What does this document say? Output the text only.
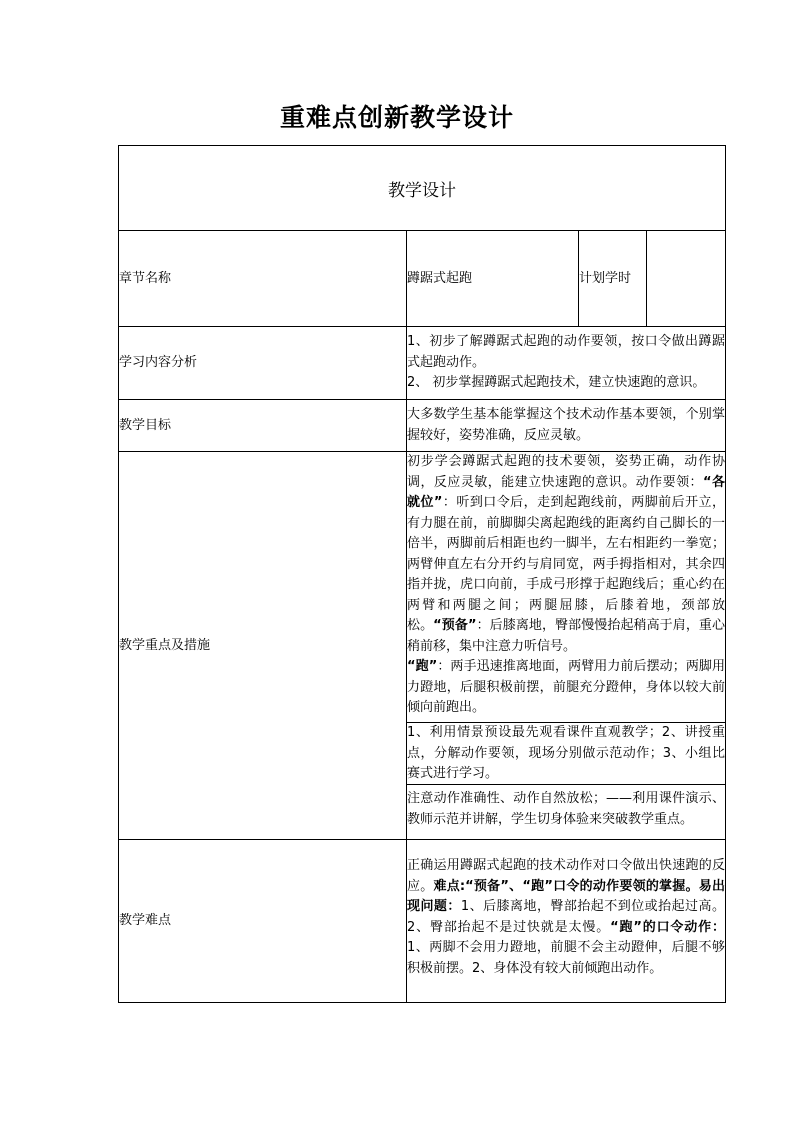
重难点创新教学设计
教学设计			
章节名称	蹲踞式起跑	计划学时	
学习内容分析	1、初步了解蹲踞式起跑的动作要领，按口令做出蹲踞式起跑动作。
2、 初步掌握蹲踞式起跑技术，建立快速跑的意识。		

教学目标	大多数学生基本能掌握这个技术动作基本要领，个别掌握较好，姿势准确，反应灵敏。		
教学重点及措施	初步学会蹲踞式起跑的技术要领，姿势正确，动作协调，反应灵敏，能建立快速跑的意识。动作要领：“各就位”：听到口令后，走到起跑线前，两脚前后开立，有力腿在前，前脚脚尖离起跑线的距离约自己脚长的一倍半，两脚前后相距也约一脚半，左右相距约一拳宽；两臂伸直左右分开约与肩同宽，两手拇指相对，其余四指并拢，虎口向前，手成弓形撑于起跑线后；重心约在两臂和两腿之间；两腿屈膝，后膝着地，颈部放松。“预备”：后膝离地，臀部慢慢抬起稍高于肩，重心稍前移，集中注意力听信号。
“跑”：两手迅速推离地面，两臂用力前后摆动；两脚用力蹬地，后腿积极前摆，前腿充分蹬伸，身体以较大前倾向前跑出。
1、利用情景预设最先观看课件直观教学；2、讲授重点，分解动作要领，现场分别做示范动作；3、小组比赛式进行学习。
注意动作准确性、动作自然放松；——利用课件演示、教师示范并讲解，学生切身体验来突破教学重点。		

教学难点	正确运用蹲踞式起跑的技术动作对口令做出快速跑的反应。难点:“预备”、“跑”口令的动作要领的掌握。易出现问题：1、后膝离地，臀部抬起不到位或抬起过高。2、臀部抬起不是过快就是太慢。“跑”的口令动作：1、两脚不会用力蹬地，前腿不会主动蹬伸，后腿不够积极前摆。2、身体没有较大前倾跑出动作。		
